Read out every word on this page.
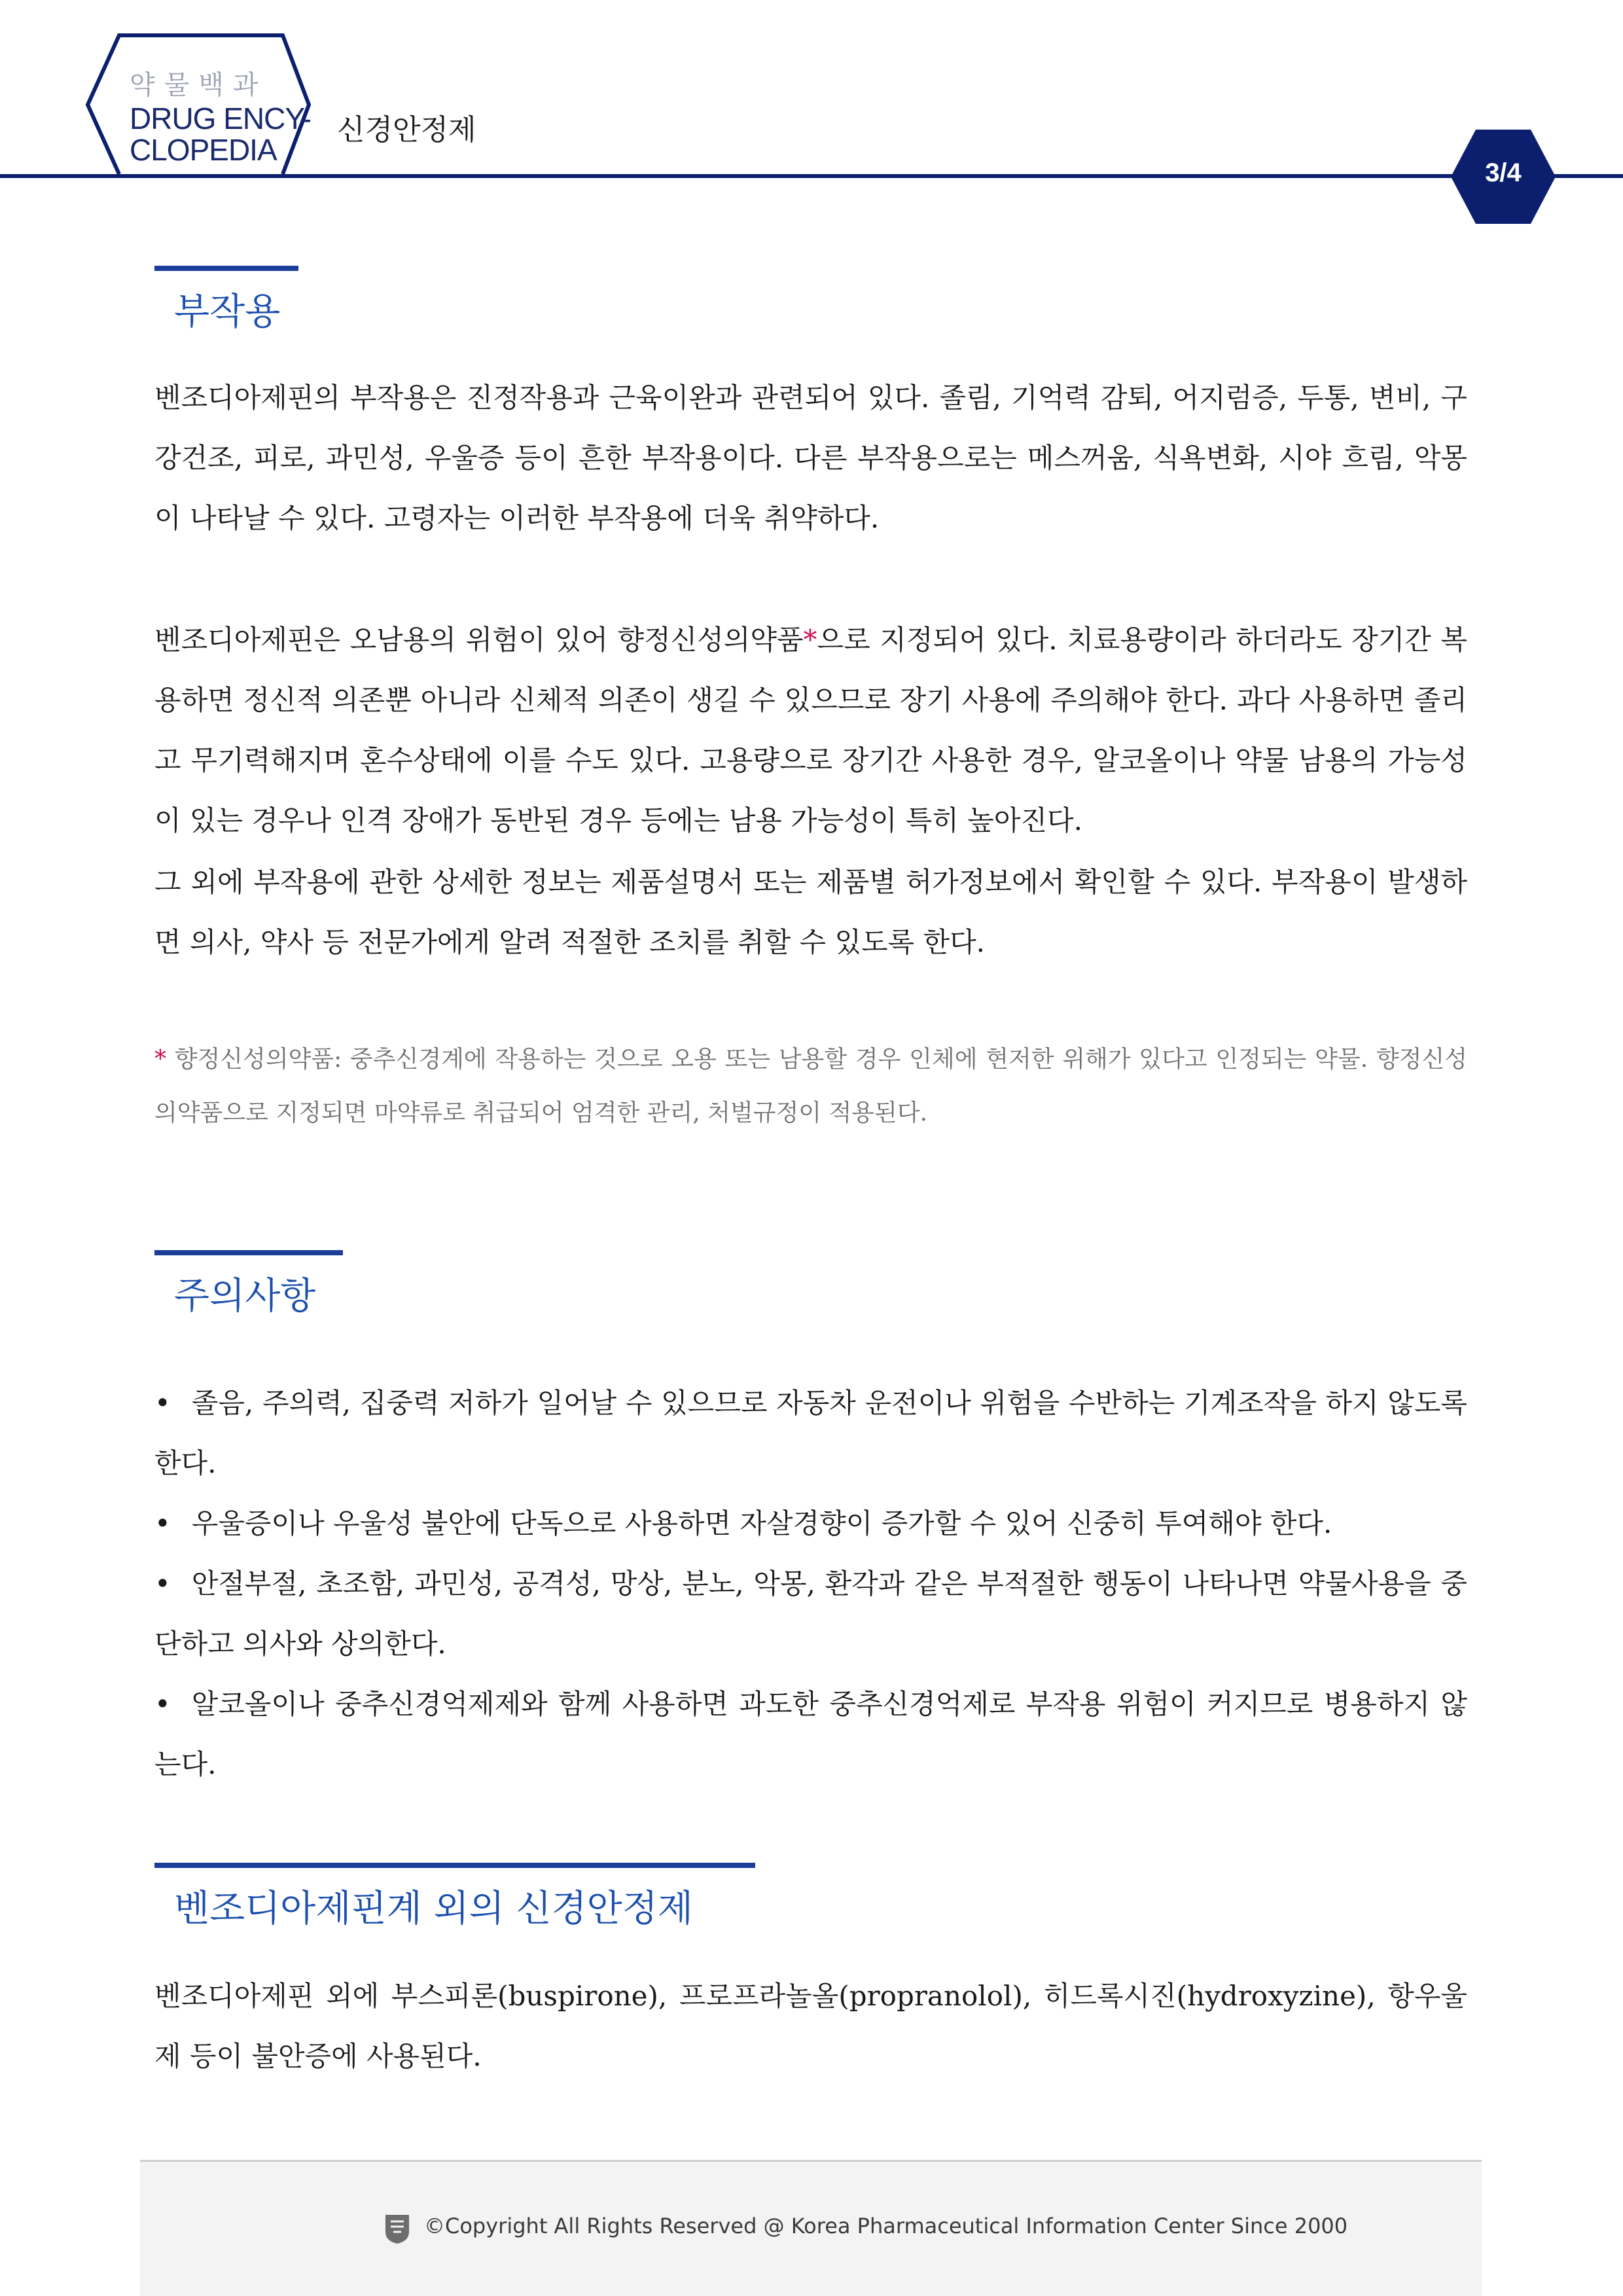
약물백과
DRUG ENCY-
CLOPEDIA
신경안정제
3/4
부작용

벤조디아제핀의 부작용은 진정작용과 근육이완과 관련되어 있다. 졸림, 기억력 감퇴, 어지럼증, 두통, 변비, 구강건조, 피로, 과민성, 우울증 등이 흔한 부작용이다. 다른 부작용으로는 메스꺼움, 식욕변화, 시야 흐림, 악몽이 나타날 수 있다. 고령자는 이러한 부작용에 더욱 취약하다.

벤조디아제핀은 오남용의 위험이 있어 향정신성의약품*으로 지정되어 있다. 치료용량이라 하더라도 장기간 복용하면 정신적 의존뿐 아니라 신체적 의존이 생길 수 있으므로 장기 사용에 주의해야 한다. 과다 사용하면 졸리고 무기력해지며 혼수상태에 이를 수도 있다. 고용량으로 장기간 사용한 경우, 알코올이나 약물 남용의 가능성이 있는 경우나 인격 장애가 동반된 경우 등에는 남용 가능성이 특히 높아진다.

그 외에 부작용에 관한 상세한 정보는 제품설명서 또는 제품별 허가정보에서 확인할 수 있다. 부작용이 발생하면 의사, 약사 등 전문가에게 알려 적절한 조치를 취할 수 있도록 한다.

* 향정신성의약품: 중추신경계에 작용하는 것으로 오용 또는 남용할 경우 인체에 현저한 위해가 있다고 인정되는 약물. 향정신성 의약품으로 지정되면 마약류로 취급되어 엄격한 관리, 처벌규정이 적용된다.

주의사항

• 졸음, 주의력, 집중력 저하가 일어날 수 있으므로 자동차 운전이나 위험을 수반하는 기계조작을 하지 않도록 한다.

• 우울증이나 우울성 불안에 단독으로 사용하면 자살경향이 증가할 수 있어 신중히 투여해야 한다.

• 안절부절, 초조함, 과민성, 공격성, 망상, 분노, 악몽, 환각과 같은 부적절한 행동이 나타나면 약물사용을 중단하고 의사와 상의한다.

• 알코올이나 중추신경억제제와 함께 사용하면 과도한 중추신경억제로 부작용 위험이 커지므로 병용하지 않는다.

벤조디아제핀계 외의 신경안정제

벤조디아제핀 외에 부스피론(buspirone), 프로프라놀올(propranolol), 히드록시진(hydroxyzine), 항우울제 등이 불안증에 사용된다.

©Copyright All Rights Reserved @ Korea Pharmaceutical Information Center Since 2000
